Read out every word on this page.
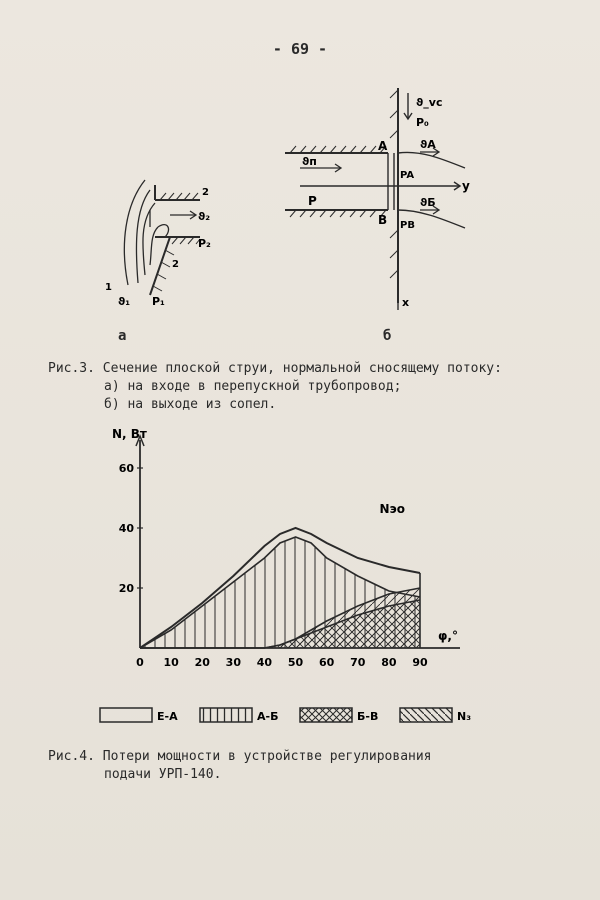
- 69 -
2
ϑ₂
P₂
2
1
ϑ₁ P₁
ϑ_vc
P₀
A	ϑA
PA
ϑп
P
y
B PB
ϑБ
x
а	б
Рис.3. Сечение плоской струи, нормальной сносящему потоку:
а) на входе в перепускной трубопровод;
б) на выходе из сопел.
0 10 20 30 40 50 60 70 80 90
20
40
60
N, Вт
φ,°
Nэо
Е-А	А-Б	Б-В	N₃
Рис.4. Потери мощности в устройстве регулирования
подачи УРП-140.
